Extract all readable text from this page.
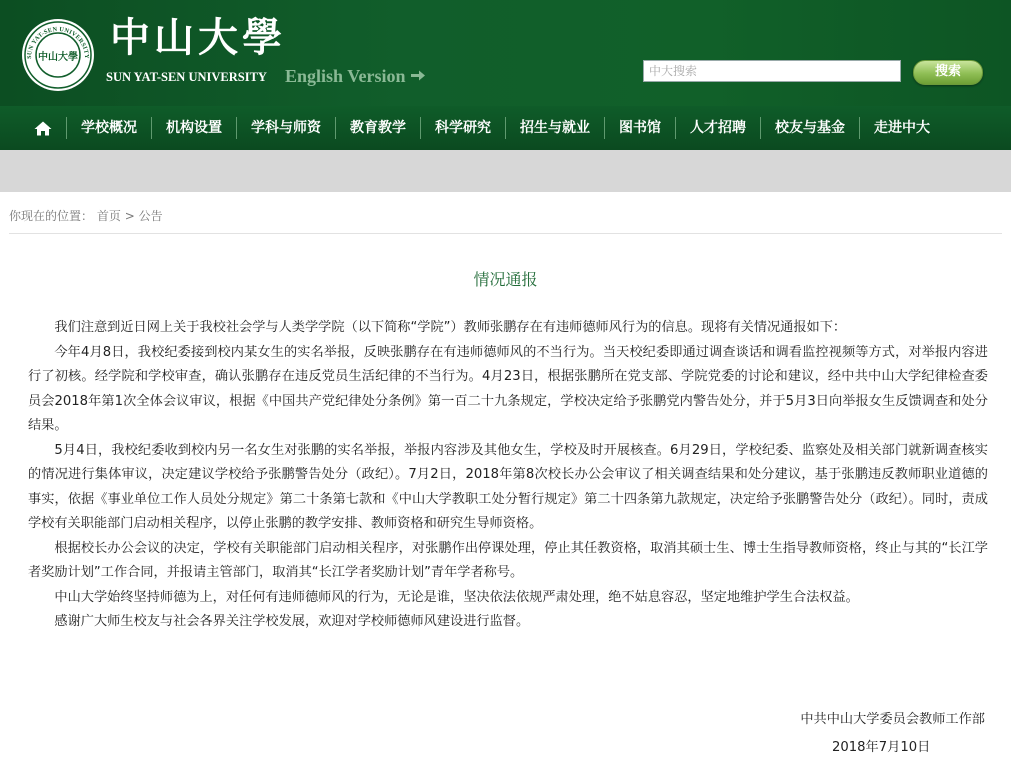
SUN YAT-SEN UNIVERSITY
中山大學 中山大學
SUN YAT-SEN UNIVERSITY English Version
中大搜索	搜索
学校概况	机构设置	学科与师资	教育教学	科学研究	招生与就业	图书馆	人才招聘	校友与基金	走进中大
你现在的位置： 首页 > 公告
情况通报

我们注意到近日网上关于我校社会学与人类学学院（以下简称“学院”）教师张鹏存在有违师德师风行为的信息。现将有关情况通报如下：

今年4月8日，我校纪委接到校内某女生的实名举报，反映张鹏存在有违师德师风的不当行为。当天校纪委即通过调查谈话和调看监控视频等方式，对举报内容进行了初核。经学院和学校审查，确认张鹏存在违反党员生活纪律的不当行为。4月23日，根据张鹏所在党支部、学院党委的讨论和建议，经中共中山大学纪律检查委员会2018年第1次全体会议审议，根据《中国共产党纪律处分条例》第一百二十九条规定，学校决定给予张鹏党内警告处分，并于5月3日向举报女生反馈调查和处分结果。

5月4日，我校纪委收到校内另一名女生对张鹏的实名举报，举报内容涉及其他女生，学校及时开展核查。6月29日，学校纪委、监察处及相关部门就新调查核实的情况进行集体审议，决定建议学校给予张鹏警告处分（政纪）。7月2日，2018年第8次校长办公会审议了相关调查结果和处分建议，基于张鹏违反教师职业道德的事实，依据《事业单位工作人员处分规定》第二十条第七款和《中山大学教职工处分暂行规定》第二十四条第九款规定，决定给予张鹏警告处分（政纪）。同时，责成学校有关职能部门启动相关程序，以停止张鹏的教学安排、教师资格和研究生导师资格。

根据校长办公会议的决定，学校有关职能部门启动相关程序，对张鹏作出停课处理，停止其任教资格，取消其硕士生、博士生指导教师资格，终止与其的“长江学者奖励计划”工作合同，并报请主管部门，取消其“长江学者奖励计划”青年学者称号。

中山大学始终坚持师德为上，对任何有违师德师风的行为，无论是谁，坚决依法依规严肃处理，绝不姑息容忍，坚定地维护学生合法权益。

感谢广大师生校友与社会各界关注学校发展，欢迎对学校师德师风建设进行监督。

中共中山大学委员会教师工作部
2018年7月10日
